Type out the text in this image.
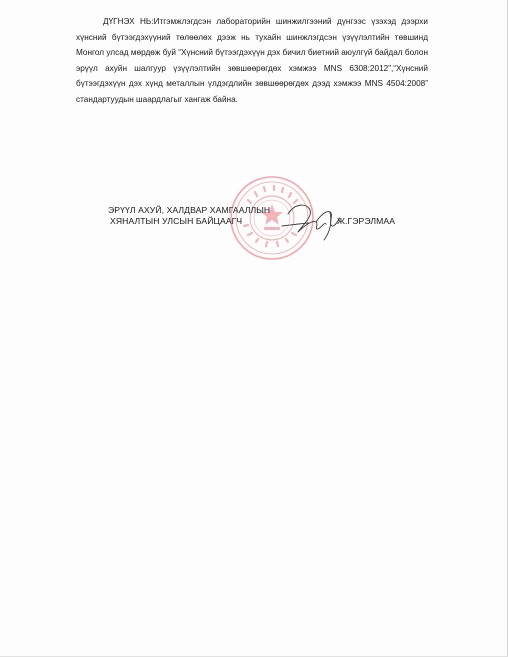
ДҮГНЭХ НЬ:Итгэмжлэгдсэн лабораторийн шинжилгээний дүнгээс үзэхэд дээрхи хүнсний бүтээгдэхүүний төлөөлөх дээж нь тухайн шинжлэгдсэн үзүүлэлтийн төвшинд Монгол улсад мөрдөж буй “Хүнсний бүтээгдэхүүн дэх бичил биетний аюулгүй байдал болон эрүүл ахуйн шалгуур үзүүлэлтийн зөвшөөрөгдөх хэмжээ MNS 6308:2012”,“Хүнсний бүтээгдэхүүн дэх хүнд металлын үлдэгдлийн зөвшөөрөгдөх дээд хэмжээ MNS 4504:2008” стандартуудын шаардлагыг хангаж байна.

ЭРҮҮЛ АХУЙ, ХАЛДВАР ХАМГААЛЛЫН
ХЯНАЛТЫН УЛСЫН БАЙЦААГЧ	Ж.ГЭРЭЛМАА
